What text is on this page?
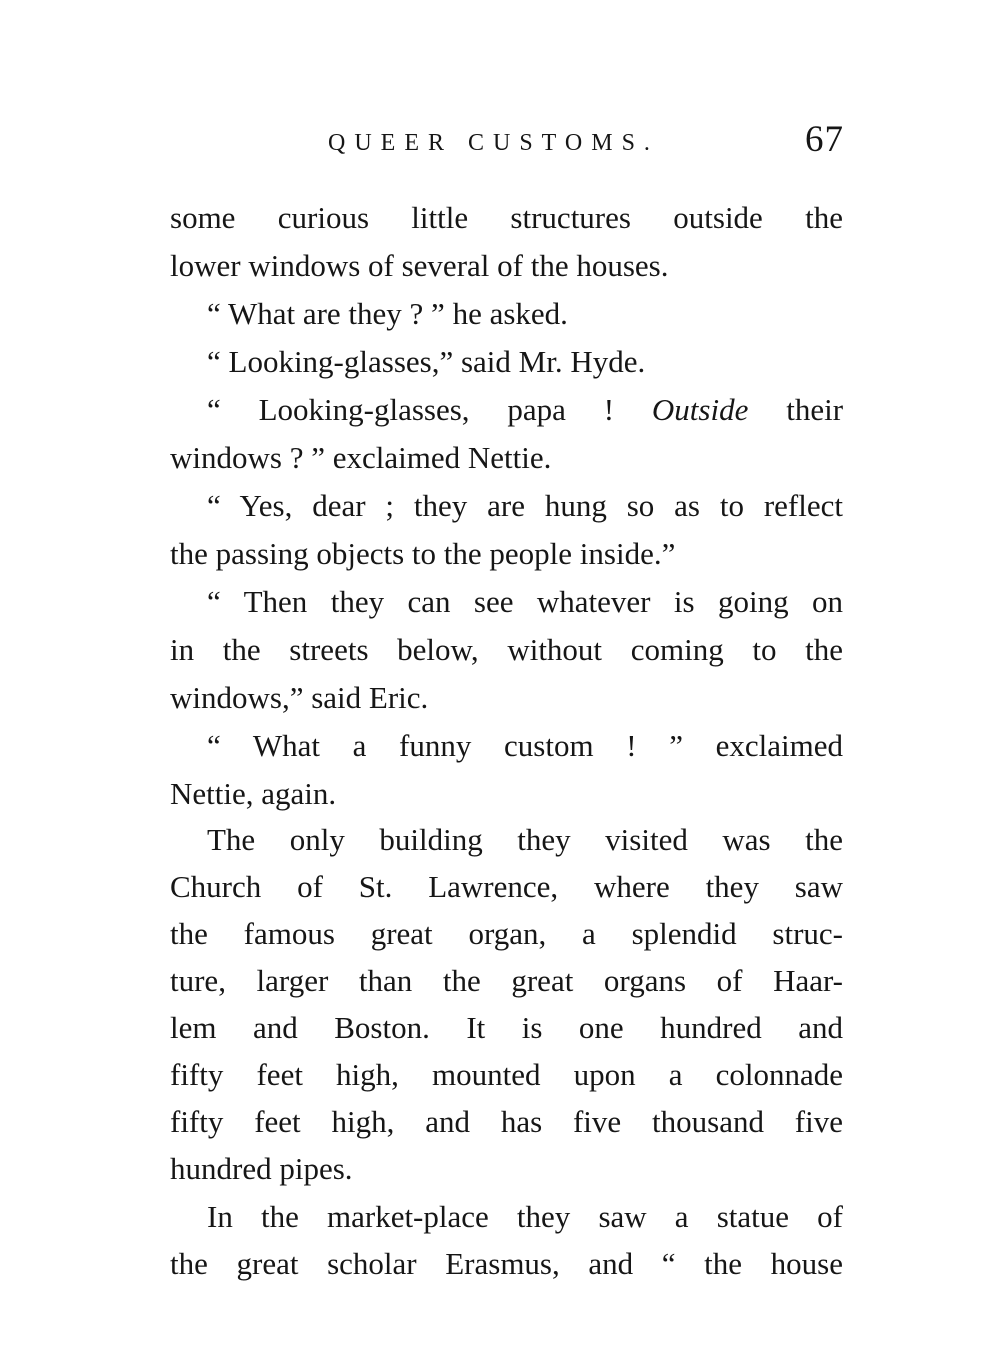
QUEER CUSTOMS.	67
some curious little structures outside the
lower windows of several of the houses.
“ What are they ? ” he asked.
“ Looking-glasses,” said Mr. Hyde.
“ Looking-glasses, papa ! Outside their
windows ? ” exclaimed Nettie.
“ Yes, dear ; they are hung so as to reflect
the passing objects to the people inside.”
“ Then they can see whatever is going on
in the streets below, without coming to the
windows,” said Eric.
“ What a funny custom ! ” exclaimed
Nettie, again.
The only building they visited was the
Church of St. Lawrence, where they saw
the famous great organ, a splendid struc-
ture, larger than the great organs of Haar-
lem and Boston. It is one hundred and
fifty feet high, mounted upon a colonnade
fifty feet high, and has five thousand five
hundred pipes.
In the market-place they saw a statue of
the great scholar Erasmus, and “ the house
